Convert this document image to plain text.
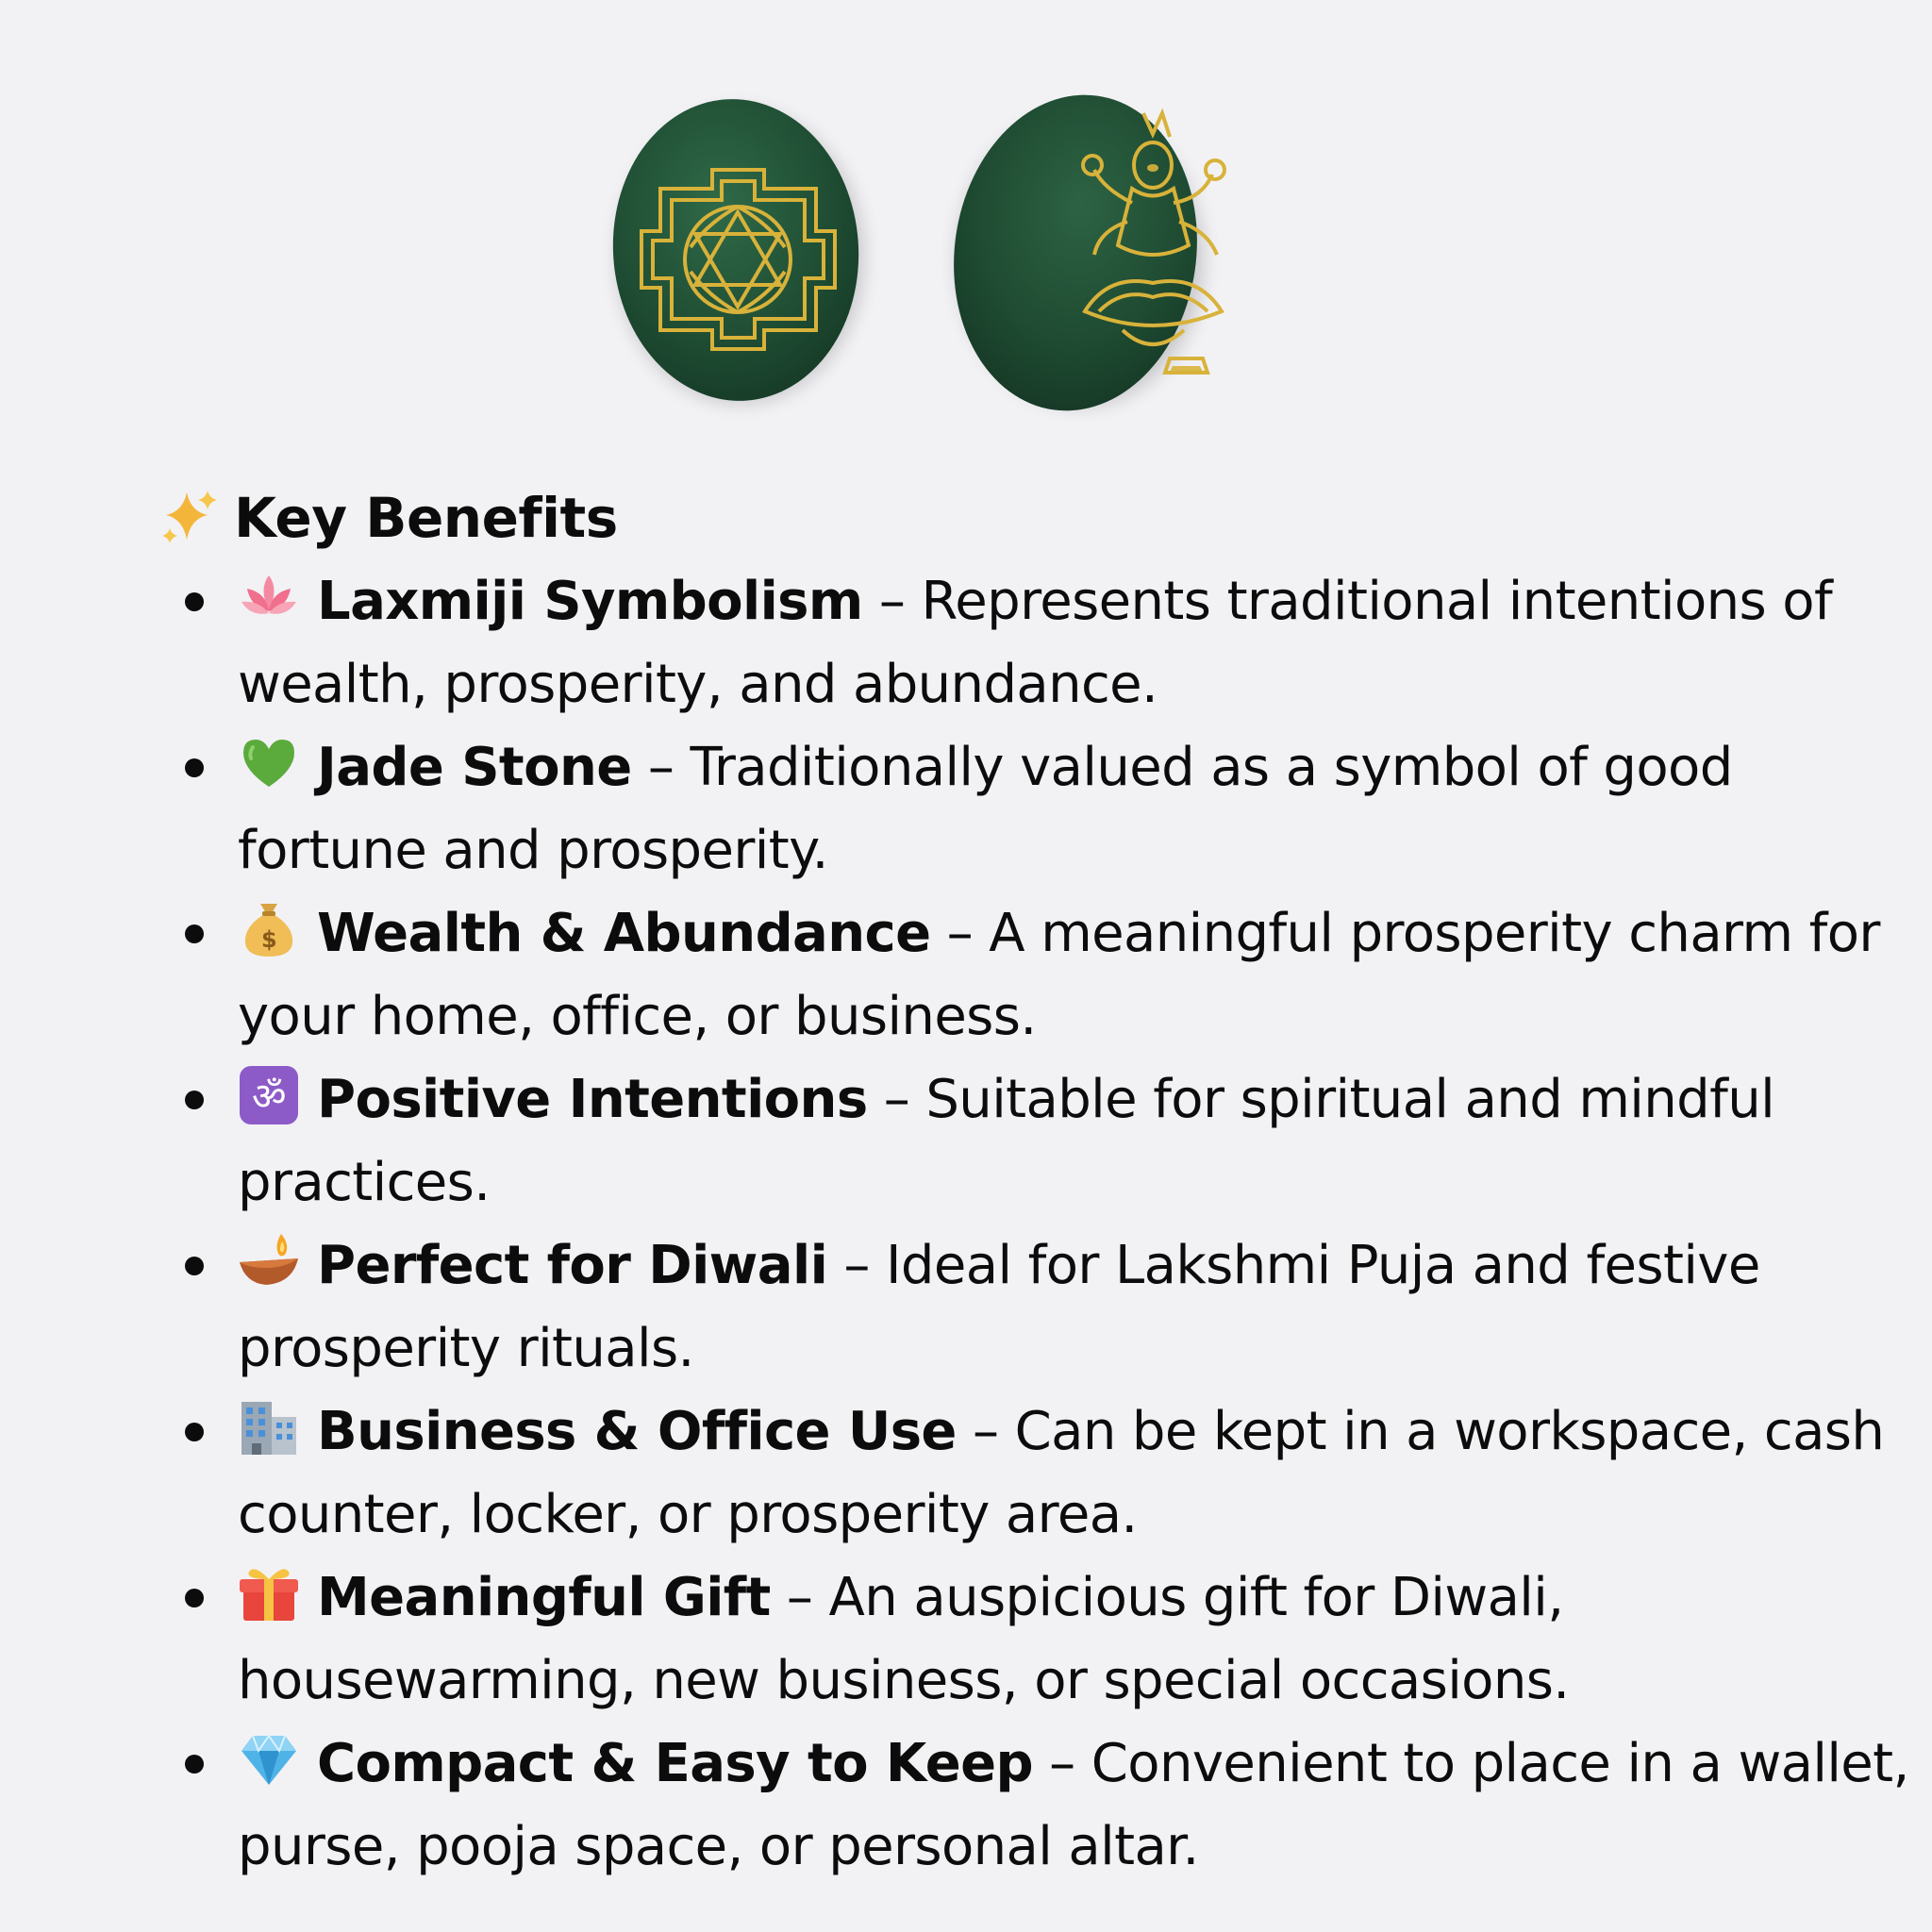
Key Benefits
Laxmiji Symbolism – Represents traditional intentions of wealth, prosperity, and abundance.
Jade Stone – Traditionally valued as a symbol of good fortune and prosperity.
$ Wealth & Abundance – A meaningful prosperity charm for your home, office, or business.
ॐ Positive Intentions – Suitable for spiritual and mindful practices.
Perfect for Diwali – Ideal for Lakshmi Puja and festive prosperity rituals.
Business & Office Use – Can be kept in a workspace, cash counter, locker, or prosperity area.
Meaningful Gift – An auspicious gift for Diwali, housewarming, new business, or special occasions.
Compact & Easy to Keep – Convenient to place in a wallet, purse, pooja space, or personal altar.
